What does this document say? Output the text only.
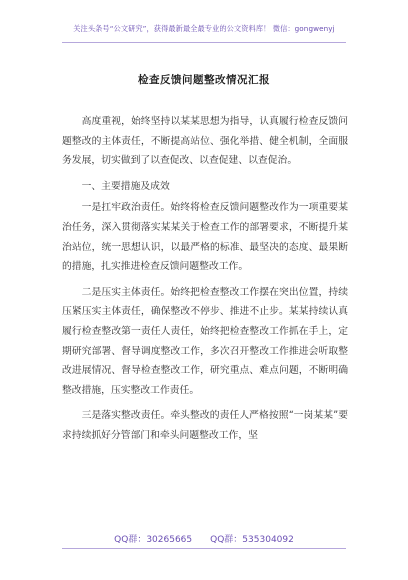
关注头条号“公文研究”，获得最新最全最专业的公文资料库！ 微信：gongwenyj
检查反馈问题整改情况汇报

高度重视，始终坚持以某某思想为指导，认真履行检查反馈问题整改的主体责任，不断提高站位、强化举措、健全机制，全面服务发展，切实做到了以查促改、以查促建、以查促治。

一、主要措施及成效

一是扛牢政治责任。始终将检查反馈问题整改作为一项重要某治任务，深入贯彻落实某某关于检查工作的部署要求，不断提升某治站位，统一思想认识，以最严格的标准、最坚决的态度、最果断的措施，扎实推进检查反馈问题整改工作。

二是压实主体责任。始终把检查整改工作摆在突出位置，持续压紧压实主体责任，确保整改不停步、推进不止步。某某持续认真履行检查整改第一责任人责任，始终把检查整改工作抓在手上，定期研究部署、督导调度整改工作，多次召开整改工作推进会听取整改进展情况、督导检查整改工作，研究重点、难点问题，不断明确整改措施，压实整改工作责任。

三是落实整改责任。牵头整改的责任人严格按照“一岗某某”要求持续抓好分管部门和牵头问题整改工作，坚

QQ群：30265665 QQ群：535304092
